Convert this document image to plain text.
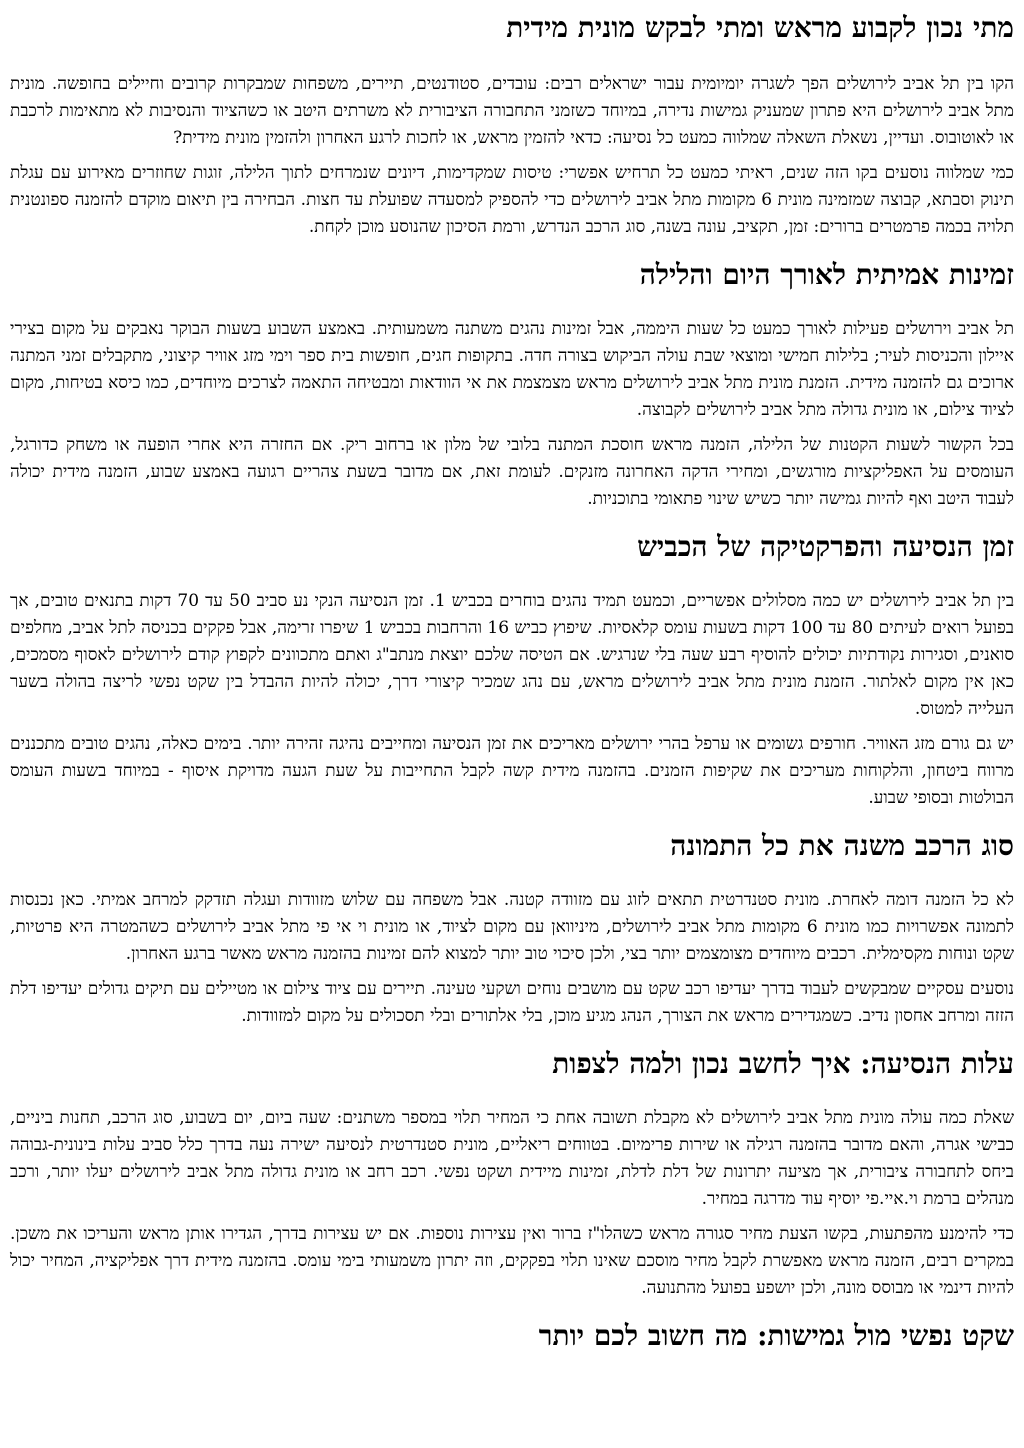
מתי נכון לקבוע מראש ומתי לבקש מונית מידית

הקו בין תל אביב לירושלים הפך לשגרה יומיומית עבור ישראלים רבים: עובדים, סטודנטים, תיירים, משפחות שמבקרות קרובים וחיילים בחופשה. מונית מתל אביב לירושלים היא פתרון שמעניק גמישות נדירה, במיוחד כשזמני התחבורה הציבורית לא משרתים היטב או כשהציוד והנסיבות לא מתאימות לרכבת או לאוטובוס. ועדיין, נשאלת השאלה שמלווה כמעט כל נסיעה: כדאי להזמין מראש, או לחכות לרגע האחרון ולהזמין מונית מידית?

כמי שמלווה נוסעים בקו הזה שנים, ראיתי כמעט כל תרחיש אפשרי: טיסות שמקדימות, דיונים שנמרחים לתוך הלילה, זוגות שחוזרים מאירוע עם עגלת תינוק וסבתא, קבוצה שמזמינה מונית 6 מקומות מתל אביב לירושלים כדי להספיק למסעדה שפועלת עד חצות. הבחירה בין תיאום מוקדם להזמנה ספונטנית תלויה בכמה פרמטרים ברורים: זמן, תקציב, עונה בשנה, סוג הרכב הנדרש, ורמת הסיכון שהנוסע מוכן לקחת.

זמינות אמיתית לאורך היום והלילה

תל אביב וירושלים פעילות לאורך כמעט כל שעות היממה, אבל זמינות נהגים משתנה משמעותית. באמצע השבוע בשעות הבוקר נאבקים על מקום בצירי איילון והכניסות לעיר; בלילות חמישי ומוצאי שבת עולה הביקוש בצורה חדה. בתקופות חגים, חופשות בית ספר וימי מזג אוויר קיצוני, מתקבלים זמני המתנה ארוכים גם להזמנה מידית. הזמנת מונית מתל אביב לירושלים מראש מצמצמת את אי הוודאות ומבטיחה התאמה לצרכים מיוחדים, כמו כיסא בטיחות, מקום לציוד צילום, או מונית גדולה מתל אביב לירושלים לקבוצה.

בכל הקשור לשעות הקטנות של הלילה, הזמנה מראש חוסכת המתנה בלובי של מלון או ברחוב ריק. אם החזרה היא אחרי הופעה או משחק כדורגל, העומסים על האפליקציות מורגשים, ומחירי הדקה האחרונה מזנקים. לעומת זאת, אם מדובר בשעת צהריים רגועה באמצע שבוע, הזמנה מידית יכולה לעבוד היטב ואף להיות גמישה יותר כשיש שינוי פתאומי בתוכניות.

זמן הנסיעה והפרקטיקה של הכביש

בין תל אביב לירושלים יש כמה מסלולים אפשריים, וכמעט תמיד נהגים בוחרים בכביש 1. זמן הנסיעה הנקי נע סביב 50 עד 70 דקות בתנאים טובים, אך בפועל רואים לעיתים 80 עד 100 דקות בשעות עומס קלאסיות. שיפוץ כביש 16 והרחבות בכביש 1 שיפרו זרימה, אבל פקקים בכניסה לתל אביב, מחלפים סואנים, וסגירות נקודתיות יכולים להוסיף רבע שעה בלי שנרגיש. אם הטיסה שלכם יוצאת מנתב"ג ואתם מתכוונים לקפוץ קודם לירושלים לאסוף מסמכים, כאן אין מקום לאלתור. הזמנת מונית מתל אביב לירושלים מראש, עם נהג שמכיר קיצורי דרך, יכולה להיות ההבדל בין שקט נפשי לריצה בהולה בשער העלייה למטוס.

יש גם גורם מזג האוויר. חורפים גשומים או ערפל בהרי ירושלים מאריכים את זמן הנסיעה ומחייבים נהיגה זהירה יותר. בימים כאלה, נהגים טובים מתכננים מרווח ביטחון, והלקוחות מעריכים את שקיפות הזמנים. בהזמנה מידית קשה לקבל התחייבות על שעת הגעה מדויקת איסוף - במיוחד בשעות העומס הבולטות ובסופי שבוע.

סוג הרכב משנה את כל התמונה

לא כל הזמנה דומה לאחרת. מונית סטנדרטית תתאים לזוג עם מזוודה קטנה. אבל משפחה עם שלוש מזוודות ועגלה תזדקק למרחב אמיתי. כאן נכנסות לתמונה אפשרויות כמו מונית 6 מקומות מתל אביב לירושלים, מיניוואן עם מקום לציוד, או מונית וי אי פי מתל אביב לירושלים כשהמטרה היא פרטיות, שקט ונוחות מקסימלית. רכבים מיוחדים מצומצמים יותר בצי, ולכן סיכוי טוב יותר למצוא להם זמינות בהזמנה מראש מאשר ברגע האחרון.

נוסעים עסקיים שמבקשים לעבוד בדרך יעדיפו רכב שקט עם מושבים נוחים ושקעי טעינה. תיירים עם ציוד צילום או מטיילים עם תיקים גדולים יעדיפו דלת הזזה ומרחב אחסון נדיב. כשמגדירים מראש את הצורך, הנהג מגיע מוכן, בלי אלתורים ובלי תסכולים על מקום למזוודות.

עלות הנסיעה: איך לחשב נכון ולמה לצפות

שאלת כמה עולה מונית מתל אביב לירושלים לא מקבלת תשובה אחת כי המחיר תלוי במספר משתנים: שעה ביום, יום בשבוע, סוג הרכב, תחנות ביניים, כבישי אגרה, והאם מדובר בהזמנה רגילה או שירות פרימיום. בטווחים ריאליים, מונית סטנדרטית לנסיעה ישירה נעה בדרך כלל סביב עלות בינונית-גבוהה ביחס לתחבורה ציבורית, אך מציעה יתרונות של דלת לדלת, זמינות מיידית ושקט נפשי. רכב רחב או מונית גדולה מתל אביב לירושלים יעלו יותר, ורכב מנהלים ברמת וי.איי.פי יוסיף עוד מדרגה במחיר.

כדי להימנע מהפתעות, בקשו הצעת מחיר סגורה מראש כשהלו"ז ברור ואין עצירות נוספות. אם יש עצירות בדרך, הגדירו אותן מראש והעריכו את משכן. במקרים רבים, הזמנה מראש מאפשרת לקבל מחיר מוסכם שאינו תלוי בפקקים, וזה יתרון משמעותי בימי עומס. בהזמנה מידית דרך אפליקציה, המחיר יכול להיות דינמי או מבוסס מונה, ולכן יושפע בפועל מהתנועה.

שקט נפשי מול גמישות: מה חשוב לכם יותר
